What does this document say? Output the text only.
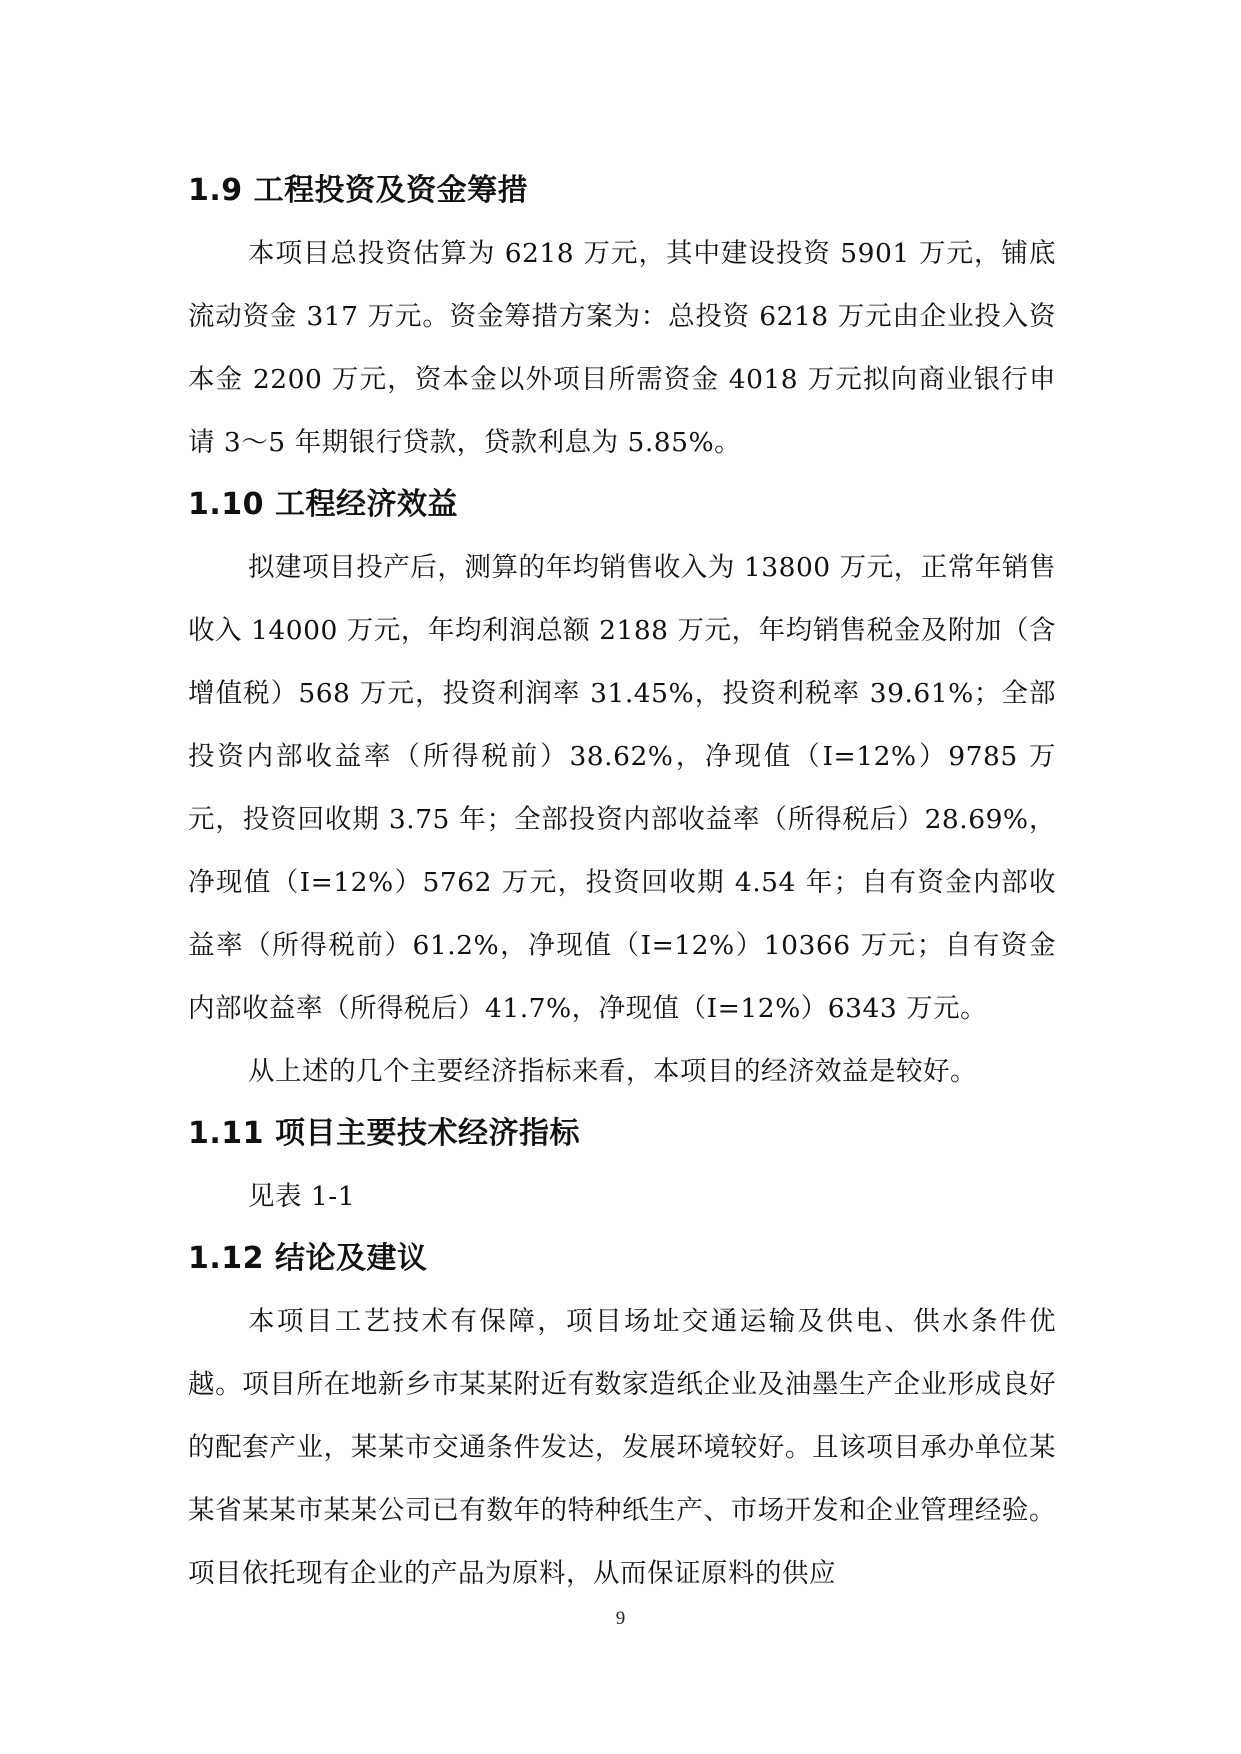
1.9 工程投资及资金筹措

本项目总投资估算为 6218 万元，其中建设投资 5901 万元，铺底流动资金 317 万元。资金筹措方案为：总投资 6218 万元由企业投入资本金 2200 万元，资本金以外项目所需资金 4018 万元拟向商业银行申请 3～5 年期银行贷款，贷款利息为 5.85%。

1.10 工程经济效益

拟建项目投产后，测算的年均销售收入为 13800 万元，正常年销售收入 14000 万元，年均利润总额 2188 万元，年均销售税金及附加（含增值税）568 万元，投资利润率 31.45%，投资利税率 39.61%；全部投资内部收益率（所得税前）38.62%，净现值（I=12%）9785 万元，投资回收期 3.75 年；全部投资内部收益率（所得税后）28.69%，净现值（I=12%）5762 万元，投资回收期 4.54 年；自有资金内部收益率（所得税前）61.2%，净现值（I=12%）10366 万元；自有资金内部收益率（所得税后）41.7%，净现值（I=12%）6343 万元。

从上述的几个主要经济指标来看，本项目的经济效益是较好。

1.11 项目主要技术经济指标

见表 1-1

1.12 结论及建议

本项目工艺技术有保障，项目场址交通运输及供电、供水条件优越。项目所在地新乡市某某附近有数家造纸企业及油墨生产企业形成良好的配套产业，某某市交通条件发达，发展环境较好。且该项目承办单位某某省某某市某某公司已有数年的特种纸生产、市场开发和企业管理经验。项目依托现有企业的产品为原料，从而保证原料的供应

9
